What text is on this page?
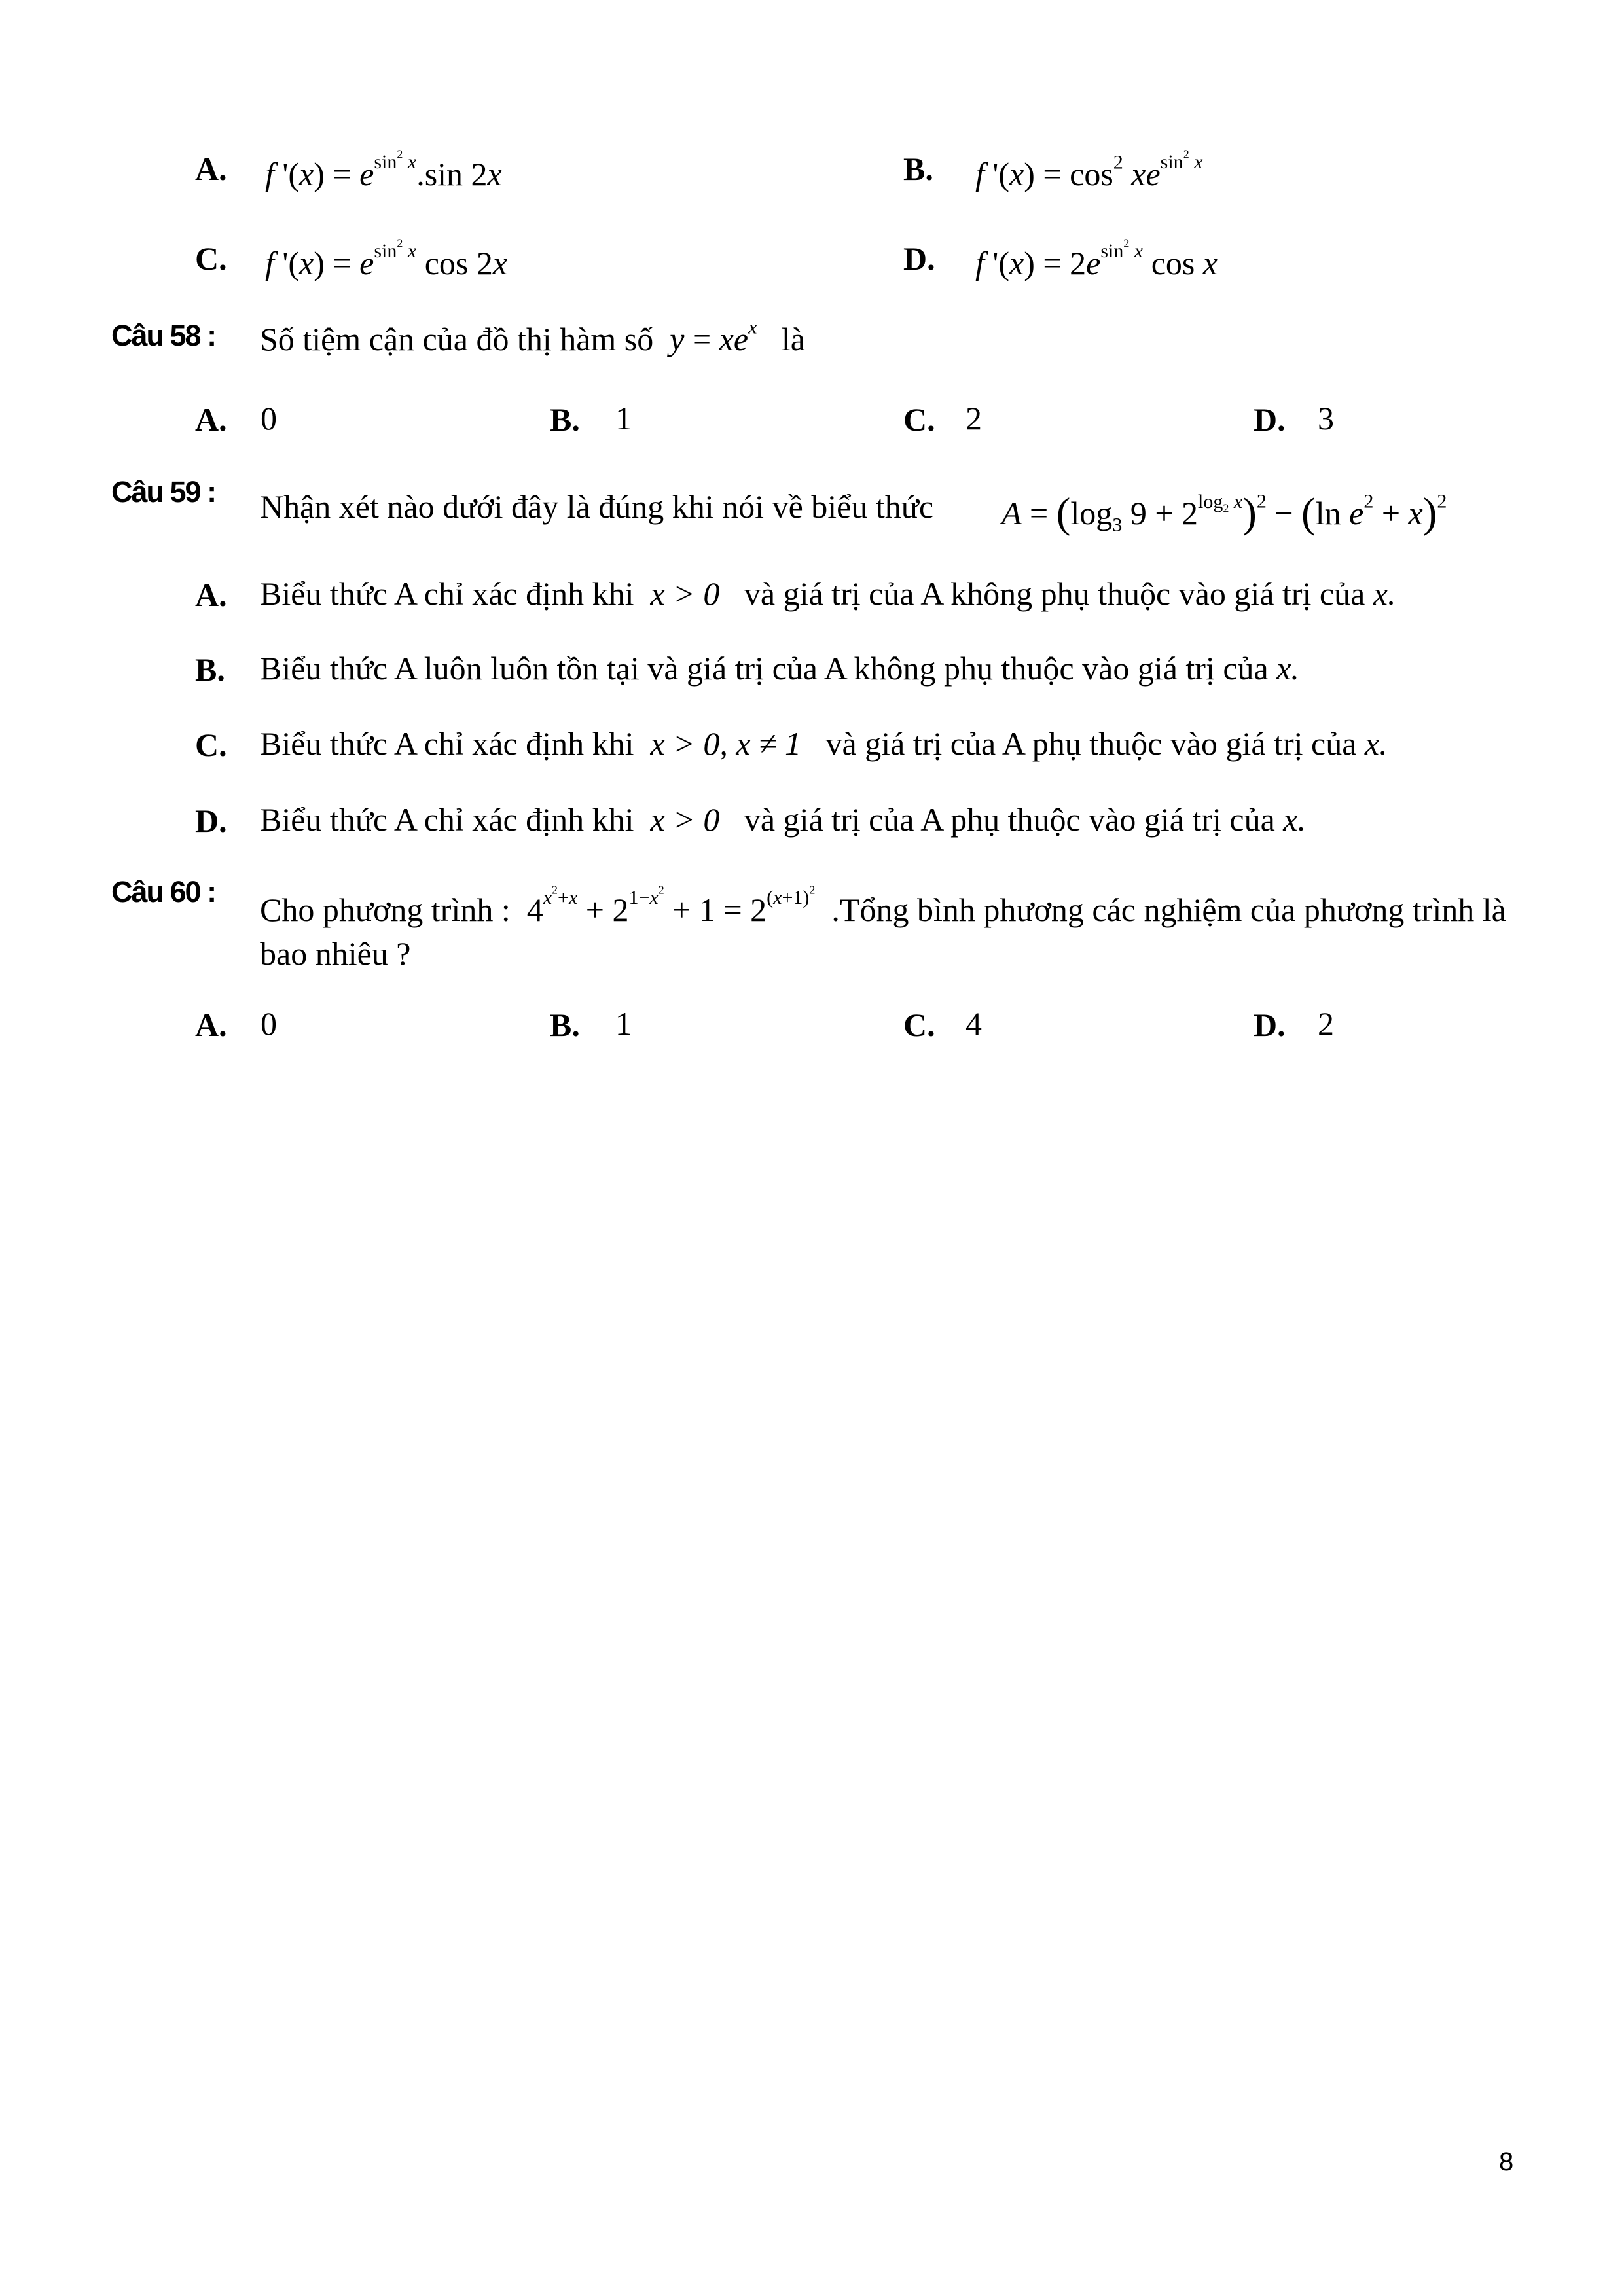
A. f '$(x) = e^{sin^2 x}.\sin$ 2x	B. f '$(x) = \cos^2 xe^{sin^2 x}$
C. f '$(x) = e^{sin^2 x}$ cos 2x	D. f '$(x) = 2e^{sin^2 x}$ cos x
Câu 58 : Số tiệm cận của đồ thị hàm số $y = xe^x$ là
A. 0	B. 1	C. 2	D. 3
Câu 59 : Nhận xét nào dưới đây là đúng khi nói về biểu thức $A = (\log_3$ $9 + 2^{log_2 x})^2 - (\ln$ $e^2 + x)^2$
A. Biểu thức A chỉ xác định khi x > 0 và giá trị của A không phụ thuộc vào giá trị của x.
B. Biểu thức A luôn luôn tồn tại và giá trị của A không phụ thuộc vào giá trị của x.
C. Biểu thức A chỉ xác định khi x > 0, x ≠ 1 và giá trị của A phụ thuộc vào giá trị của x.
D. Biểu thức A chỉ xác định khi x > 0 và giá trị của A phụ thuộc vào giá trị của x.
Câu 60 : Cho phương trình : $4^{x^2+x} + 2^{1-x^2} + 1 = 2^{(x+1)^2}$  .Tổng bình phương các nghiệm của phương trình là
bao nhiêu ?
A. 0	B. 1	C. 4	D. 2
8
